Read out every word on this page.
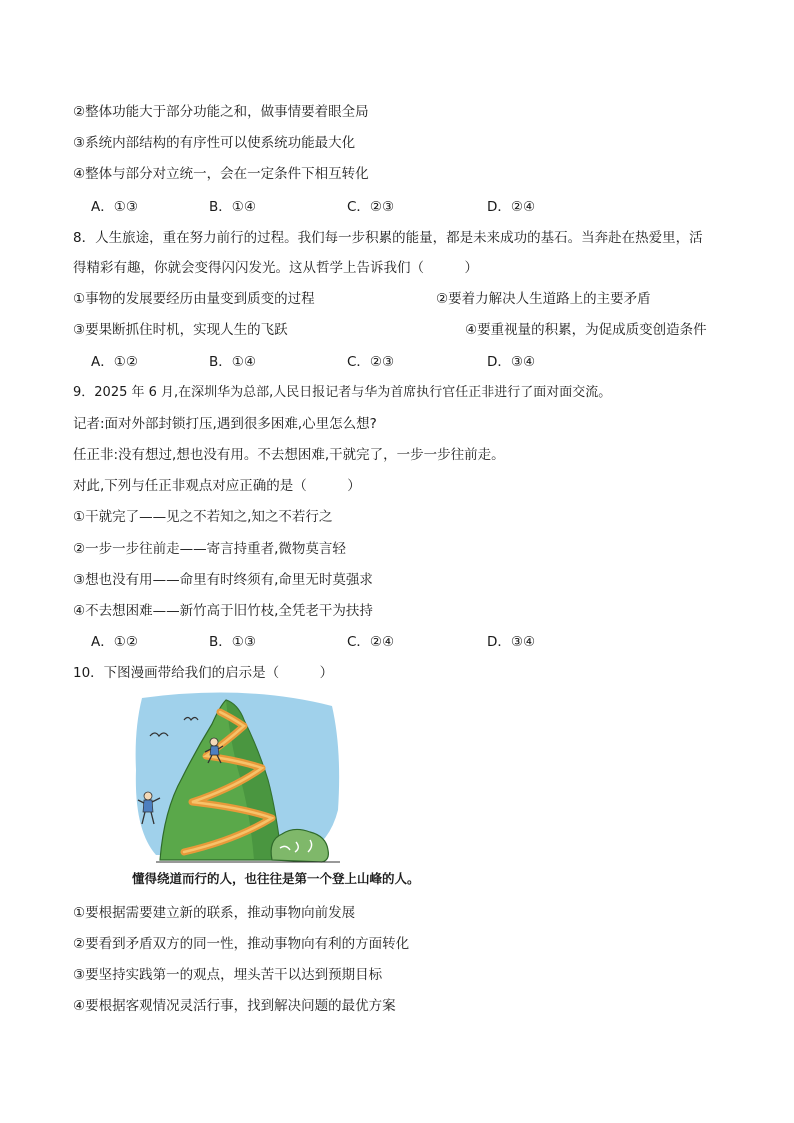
②整体功能大于部分功能之和，做事情要着眼全局
③系统内部结构的有序性可以使系统功能最大化
④整体与部分对立统一，会在一定条件下相互转化
A．①③	B．①④	C．②③	D．②④
8．人生旅途，重在努力前行的过程。我们每一步积累的能量，都是未来成功的基石。当奔赴在热爱里，活
得精彩有趣，你就会变得闪闪发光。这从哲学上告诉我们（　　　）
①事物的发展要经历由量变到质变的过程	②要着力解决人生道路上的主要矛盾
③要果断抓住时机，实现人生的飞跃	④要重视量的积累，为促成质变创造条件
A．①②	B．①④	C．②③	D．③④
9．2025 年 6 月,在深圳华为总部,人民日报记者与华为首席执行官任正非进行了面对面交流。
记者:面对外部封锁打压,遇到很多困难,心里怎么想?
任正非:没有想过,想也没有用。不去想困难,干就完了，一步一步往前走。
对此,下列与任正非观点对应正确的是（　　　）
①干就完了——见之不若知之,知之不若行之
②一步一步往前走——寄言持重者,微物莫言轻
③想也没有用——命里有时终须有,命里无时莫强求
④不去想困难——新竹高于旧竹枝,全凭老干为扶持
A．①②	B．①③	C．②④	D．③④
10．下图漫画带给我们的启示是（　　　）
懂得绕道而行的人，也往往是第一个登上山峰的人。
①要根据需要建立新的联系，推动事物向前发展
②要看到矛盾双方的同一性，推动事物向有利的方面转化
③要坚持实践第一的观点，埋头苦干以达到预期目标
④要根据客观情况灵活行事，找到解决问题的最优方案
